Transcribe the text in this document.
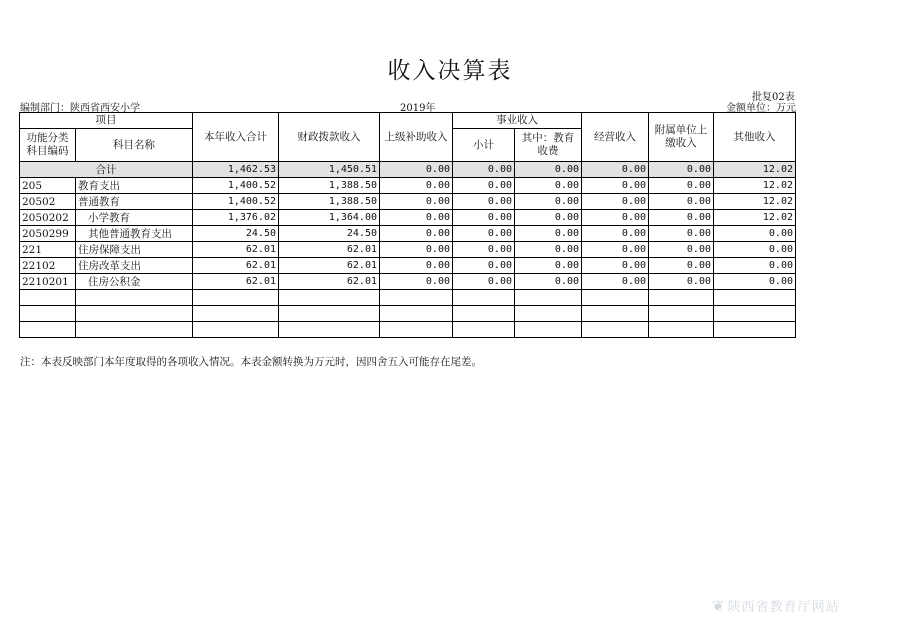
收入决算表
批复02表
编制部门：陕西省西安小学	2019年	金额单位：万元
项目		本年收入合计	财政拨款收入	上级补助收入	事业收入		经营收入	附属单位上缴收入	其他收入
功能分类科目编码	科目名称				小计	其中：教育收费			
合计		1,462.53	1,450.51	0.00	0.00	0.00	0.00	0.00	12.02
205	教育支出	1,400.52	1,388.50	0.00	0.00	0.00	0.00	0.00	12.02
20502	普通教育	1,400.52	1,388.50	0.00	0.00	0.00	0.00	0.00	12.02
2050202	小学教育	1,376.02	1,364.00	0.00	0.00	0.00	0.00	0.00	12.02
2050299	其他普通教育支出	24.50	24.50	0.00	0.00	0.00	0.00	0.00	0.00
221	住房保障支出	62.01	62.01	0.00	0.00	0.00	0.00	0.00	0.00
22102	住房改革支出	62.01	62.01	0.00	0.00	0.00	0.00	0.00	0.00
2210201	住房公积金	62.01	62.01	0.00	0.00	0.00	0.00	0.00	0.00

注：本表反映部门本年度取得的各项收入情况。本表金额转换为万元时，因四舍五入可能存在尾差。
❦ 陕西省教育厅网站
